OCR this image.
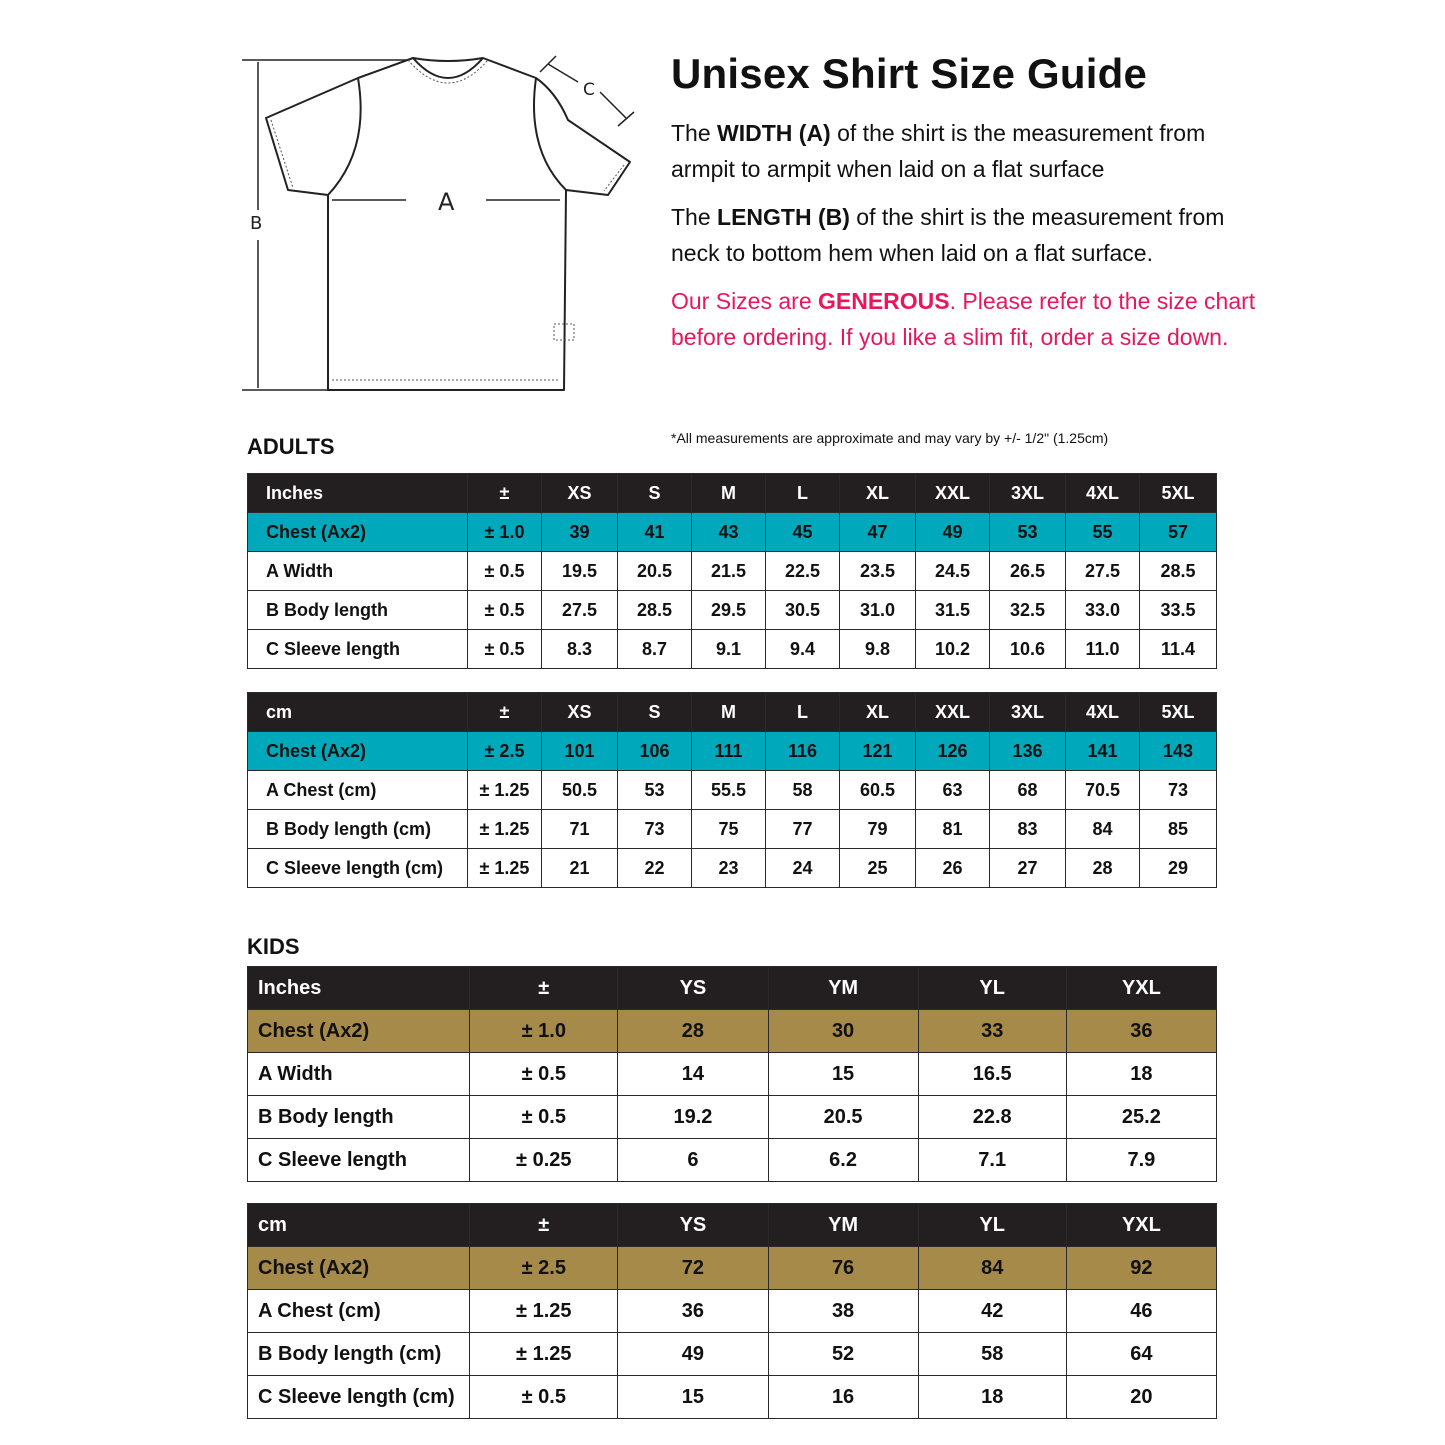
B
A
C Unisex Shirt Size Guide

The WIDTH (A) of the shirt is the measurement from armpit to armpit when laid on a flat surface

The LENGTH (B) of the shirt is the measurement from neck to bottom hem when laid on a flat surface.

Our Sizes are GENEROUS. Please refer to the size chart before ordering. If you like a slim fit, order a size down.

ADULTS	*All measurements are approximate and may vary by +/- 1/2" (1.25cm)
Inches	±	XS	S	M	L	XL	XXL	3XL	4XL	5XL
Chest (Ax2)	± 1.0	39	41	43	45	47	49	53	55	57
A Width	± 0.5	19.5	20.5	21.5	22.5	23.5	24.5	26.5	27.5	28.5
B Body length	± 0.5	27.5	28.5	29.5	30.5	31.0	31.5	32.5	33.0	33.5
C Sleeve length	± 0.5	8.3	8.7	9.1	9.4	9.8	10.2	10.6	11.0	11.4
cm	±	XS	S	M	L	XL	XXL	3XL	4XL	5XL
Chest (Ax2)	± 2.5	101	106	111	116	121	126	136	141	143
A Chest (cm)	± 1.25	50.5	53	55.5	58	60.5	63	68	70.5	73
B Body length (cm)	± 1.25	71	73	75	77	79	81	83	84	85
C Sleeve length (cm)	± 1.25	21	22	23	24	25	26	27	28	29
KIDS
Inches	±	YS	YM	YL	YXL
Chest (Ax2)	± 1.0	28	30	33	36
A Width	± 0.5	14	15	16.5	18
B Body length	± 0.5	19.2	20.5	22.8	25.2
C Sleeve length	± 0.25	6	6.2	7.1	7.9
cm	±	YS	YM	YL	YXL
Chest (Ax2)	± 2.5	72	76	84	92
A Chest (cm)	± 1.25	36	38	42	46
B Body length (cm)	± 1.25	49	52	58	64
C Sleeve length (cm)	± 0.5	15	16	18	20
